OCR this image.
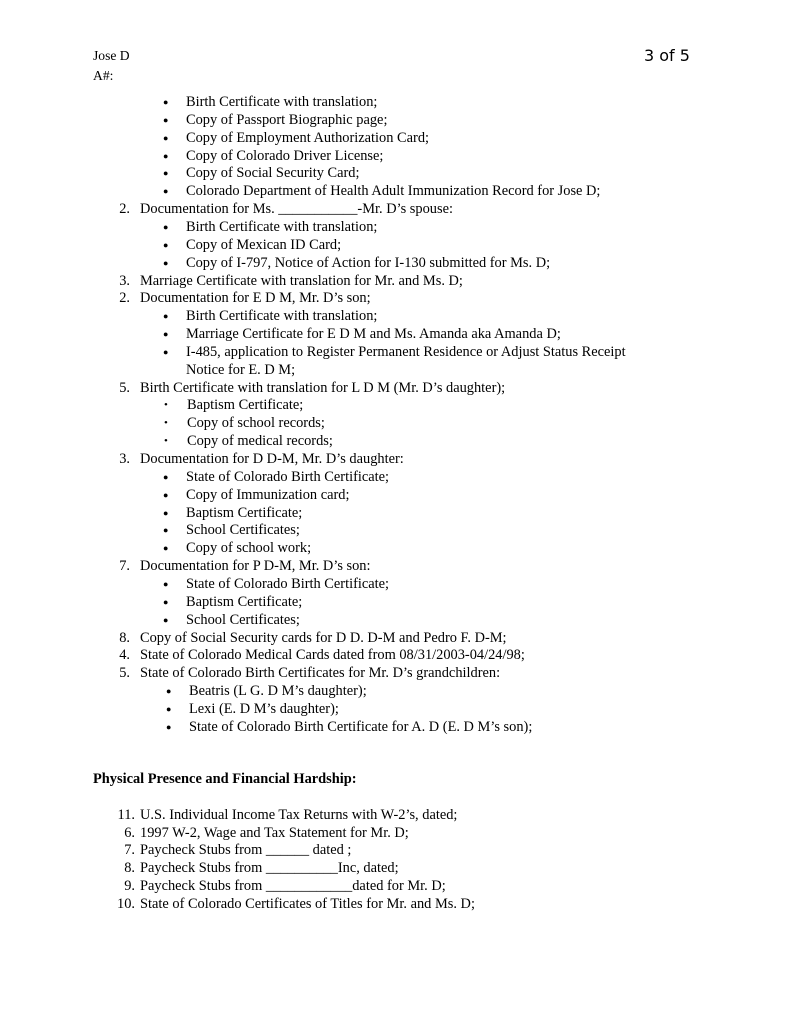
Jose D
A#:
3 of 5
● Birth Certificate with translation;
● Copy of Passport Biographic page;
● Copy of Employment Authorization Card;
● Copy of Colorado Driver License;
● Copy of Social Security Card;
● Colorado Department of Health Adult Immunization Record for Jose D;
2. Documentation for Ms. ___________-Mr. D’s spouse:
● Birth Certificate with translation;
● Copy of Mexican ID Card;
● Copy of I-797, Notice of Action for I-130 submitted for Ms. D;
3. Marriage Certificate with translation for Mr. and Ms. D;
2. Documentation for E D M, Mr. D’s son;
● Birth Certificate with translation;
● Marriage Certificate for E D M and Ms. Amanda aka Amanda D;
● I-485, application to Register Permanent Residence or Adjust Status Receipt
Notice for E. D M;
5. Birth Certificate with translation for L D M (Mr. D’s daughter);
• Baptism Certificate;
• Copy of school records;
• Copy of medical records;
3. Documentation for D D-M, Mr. D’s daughter:
● State of Colorado Birth Certificate;
● Copy of Immunization card;
● Baptism Certificate;
● School Certificates;
● Copy of school work;
7. Documentation for P D-M, Mr. D’s son:
● State of Colorado Birth Certificate;
● Baptism Certificate;
● School Certificates;
8. Copy of Social Security cards for D D. D-M and Pedro F. D-M;
4. State of Colorado Medical Cards dated from 08/31/2003-04/24/98;
5. State of Colorado Birth Certificates for Mr. D’s grandchildren:
● Beatris (L G. D M’s daughter);
● Lexi (E. D M’s daughter);
● State of Colorado Birth Certificate for A. D (E. D M’s son);
Physical Presence and Financial Hardship:
11. U.S. Individual Income Tax Returns with W-2’s, dated;
6. 1997 W-2, Wage and Tax Statement for Mr. D;
7. Paycheck Stubs from ______ dated ;
8. Paycheck Stubs from __________Inc, dated;
9. Paycheck Stubs from ____________dated for Mr. D;
10. State of Colorado Certificates of Titles for Mr. and Ms. D;
